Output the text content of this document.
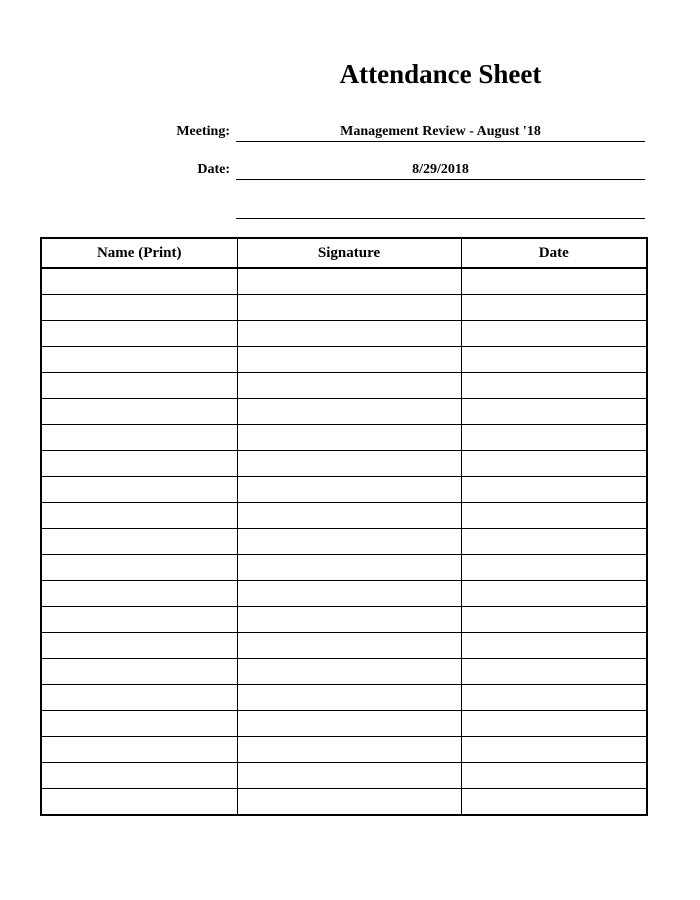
Attendance Sheet
Meeting:	Management Review - August '18
Date:	8/29/2018
Name (Print)	Signature	Date
